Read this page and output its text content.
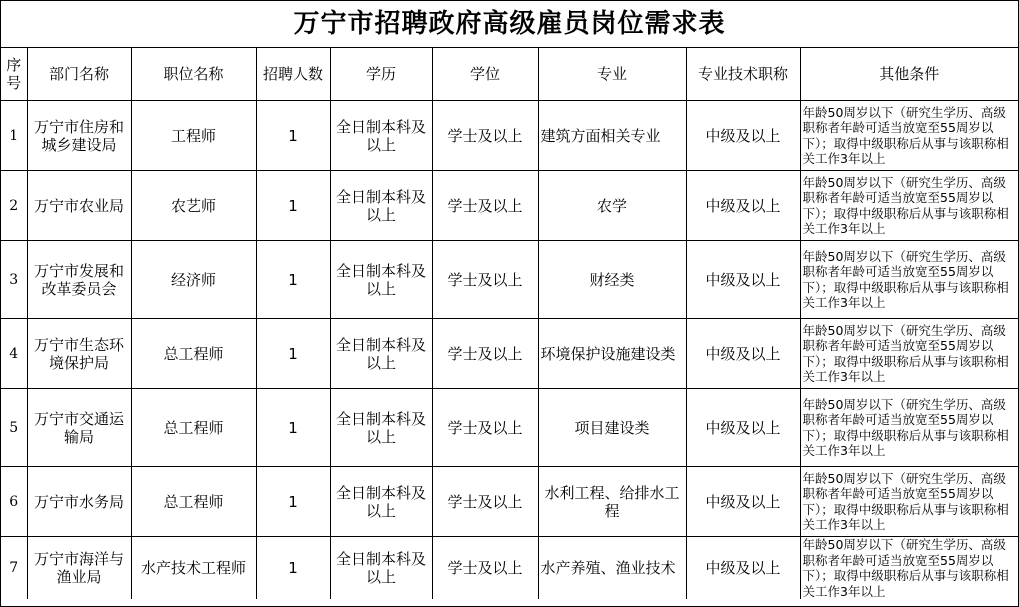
万宁市招聘政府高级雇员岗位需求表
序号	部门名称	职位名称	招聘人数	学历	学位	专业	专业技术职称	其他条件
1	万宁市住房和城乡建设局	工程师	1	全日制本科及以上	学士及以上	建筑方面相关专业	中级及以上	年龄50周岁以下（研究生学历、高级职称者年龄可适当放宽至55周岁以下）；取得中级职称后从事与该职称相关工作3年以上
2	万宁市农业局	农艺师	1	全日制本科及以上	学士及以上	农学	中级及以上	年龄50周岁以下（研究生学历、高级职称者年龄可适当放宽至55周岁以下）；取得中级职称后从事与该职称相关工作3年以上
3	万宁市发展和改革委员会	经济师	1	全日制本科及以上	学士及以上	财经类	中级及以上	年龄50周岁以下（研究生学历、高级职称者年龄可适当放宽至55周岁以下）；取得中级职称后从事与该职称相关工作3年以上
4	万宁市生态环境保护局	总工程师	1	全日制本科及以上	学士及以上	环境保护设施建设类	中级及以上	年龄50周岁以下（研究生学历、高级职称者年龄可适当放宽至55周岁以下）；取得中级职称后从事与该职称相关工作3年以上
5	万宁市交通运输局	总工程师	1	全日制本科及以上	学士及以上	项目建设类	中级及以上	年龄50周岁以下（研究生学历、高级职称者年龄可适当放宽至55周岁以下）；取得中级职称后从事与该职称相关工作3年以上
6	万宁市水务局	总工程师	1	全日制本科及以上	学士及以上	水利工程、给排水工程	中级及以上	年龄50周岁以下（研究生学历、高级职称者年龄可适当放宽至55周岁以下）；取得中级职称后从事与该职称相关工作3年以上
7	万宁市海洋与渔业局	水产技术工程师	1	全日制本科及以上	学士及以上	水产养殖、渔业技术	中级及以上	年龄50周岁以下（研究生学历、高级职称者年龄可适当放宽至55周岁以下）；取得中级职称后从事与该职称相关工作3年以上
